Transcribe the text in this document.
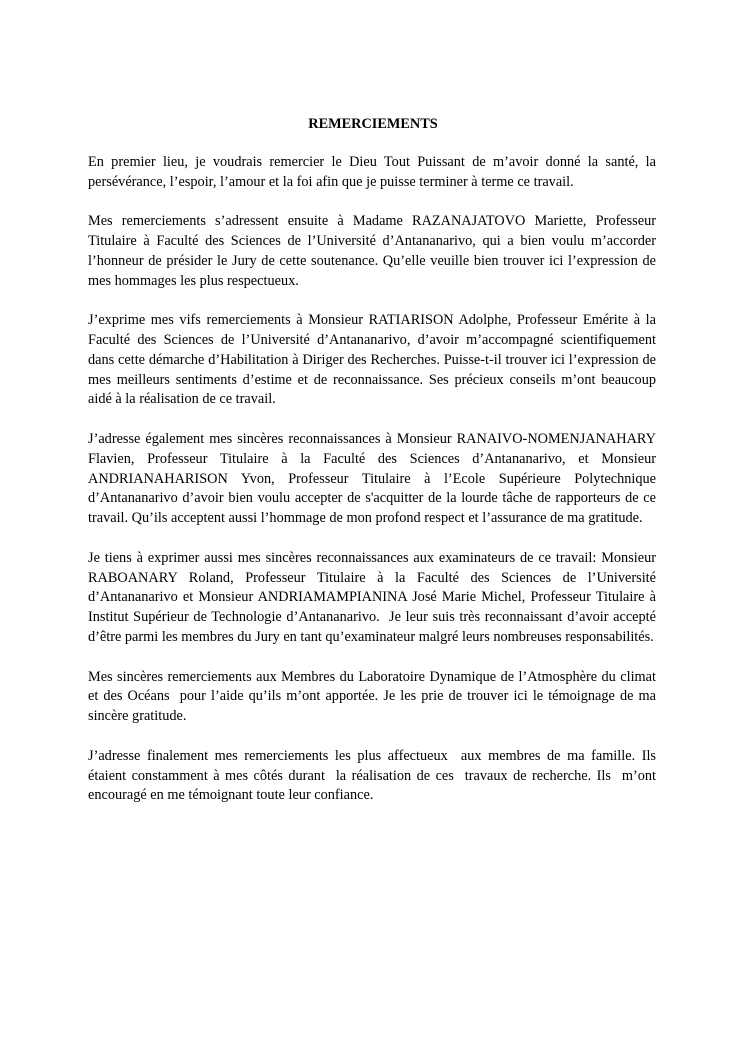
REMERCIEMENTS

En premier lieu, je voudrais remercier le Dieu Tout Puissant de m’avoir donné la santé, la persévérance, l’espoir, l’amour et la foi afin que je puisse terminer à terme ce travail.

Mes remerciements s’adressent ensuite à Madame RAZANAJATOVO Mariette, Professeur Titulaire à Faculté des Sciences de l’Université d’Antananarivo, qui a bien voulu m’accorder l’honneur de présider le Jury de cette soutenance. Qu’elle veuille bien trouver ici l’expression de mes hommages les plus respectueux.

J’exprime mes vifs remerciements à Monsieur RATIARISON Adolphe, Professeur Emérite à la Faculté des Sciences de l’Université d’Antananarivo, d’avoir m’accompagné scientifiquement dans cette démarche d’Habilitation à Diriger des Recherches. Puisse-t-il trouver ici l’expression de mes meilleurs sentiments d’estime et de reconnaissance. Ses précieux conseils m’ont beaucoup aidé à la réalisation de ce travail.

J’adresse également mes sincères reconnaissances à Monsieur RANAIVO-NOMENJANAHARY Flavien, Professeur Titulaire à la Faculté des Sciences d’Antananarivo, et Monsieur ANDRIANAHARISON Yvon, Professeur Titulaire à l’Ecole Supérieure Polytechnique d’Antananarivo d’avoir bien voulu accepter de s'acquitter de la lourde tâche de rapporteurs de ce travail. Qu’ils acceptent aussi l’hommage de mon profond respect et l’assurance de ma gratitude.

Je tiens à exprimer aussi mes sincères reconnaissances aux examinateurs de ce travail: Monsieur  RABOANARY Roland, Professeur Titulaire à la Faculté des Sciences de l’Université d’Antananarivo et Monsieur ANDRIAMAMPIANINA José Marie Michel, Professeur Titulaire à Institut Supérieur de Technologie d’Antananarivo.  Je leur suis très reconnaissant d’avoir accepté d’être parmi les membres du Jury en tant qu’examinateur malgré leurs nombreuses responsabilités.

Mes sincères remerciements aux Membres du Laboratoire Dynamique de l’Atmosphère du climat et des Océans  pour l’aide qu’ils m’ont apportée. Je les prie de trouver ici le témoignage de ma sincère gratitude.

J’adresse finalement mes remerciements les plus affectueux  aux membres de ma famille. Ils étaient constamment à mes côtés durant  la réalisation de ces  travaux de recherche. Ils  m’ont encouragé en me témoignant toute leur confiance.
